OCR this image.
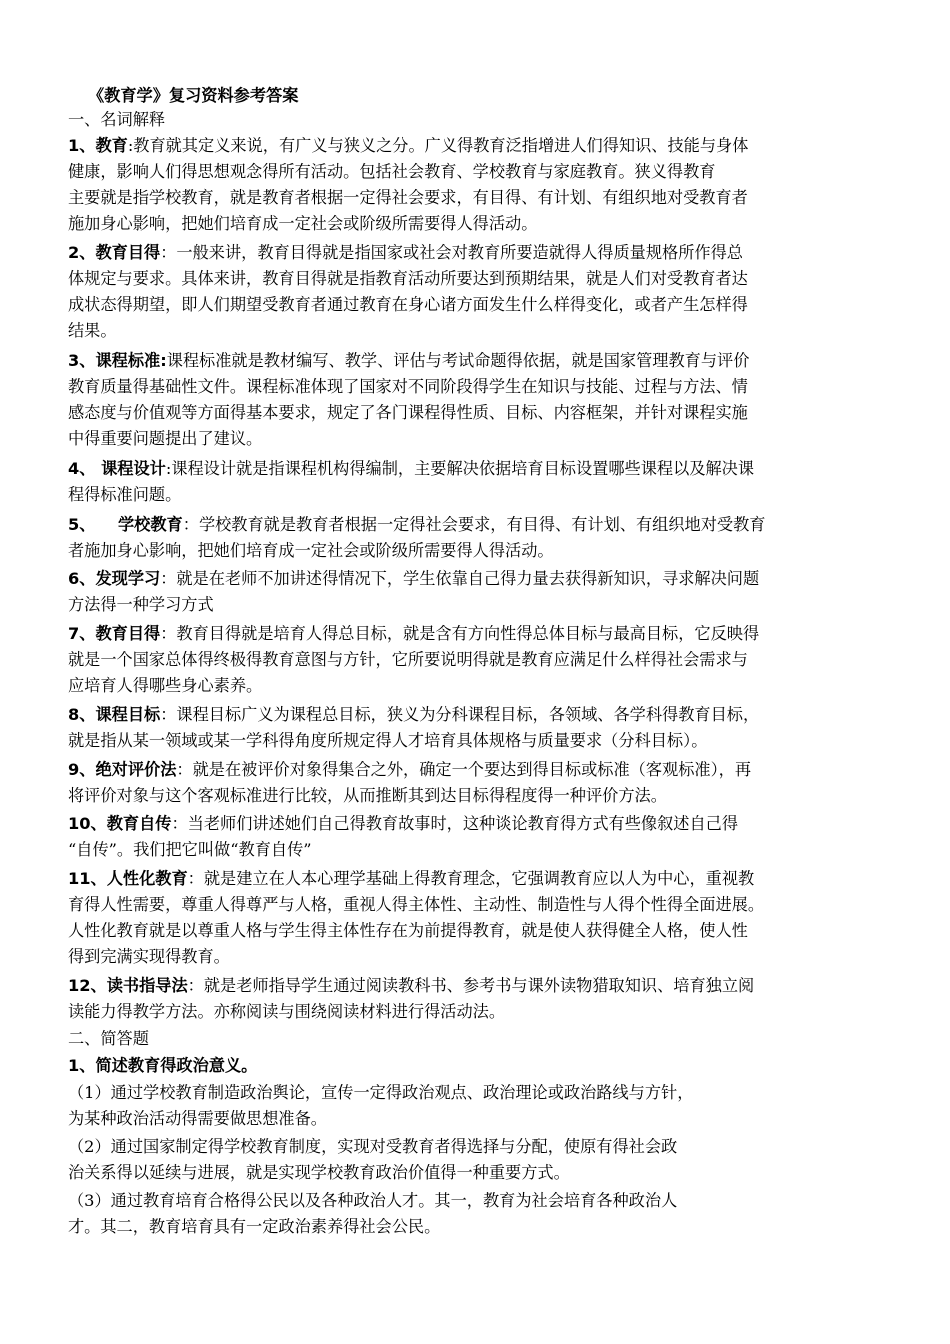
《教育学》复习资料参考答案
一、名词解释
1、教育:教育就其定义来说，有广义与狭义之分。广义得教育泛指增进人们得知识、技能与身体
健康，影响人们得思想观念得所有活动。包括社会教育、学校教育与家庭教育。狭义得教育
主要就是指学校教育，就是教育者根据一定得社会要求，有目得、有计划、有组织地对受教育者
施加身心影响，把她们培育成一定社会或阶级所需要得人得活动。
2、教育目得：一般来讲，教育目得就是指国家或社会对教育所要造就得人得质量规格所作得总
体规定与要求。具体来讲，教育目得就是指教育活动所要达到预期结果，就是人们对受教育者达
成状态得期望，即人们期望受教育者通过教育在身心诸方面发生什么样得变化，或者产生怎样得
结果。
3、课程标准:课程标准就是教材编写、教学、评估与考试命题得依据，就是国家管理教育与评价
教育质量得基础性文件。课程标准体现了国家对不同阶段得学生在知识与技能、过程与方法、情
感态度与价值观等方面得基本要求，规定了各门课程得性质、目标、内容框架，并针对课程实施
中得重要问题提出了建议。
4、 课程设计:课程设计就是指课程机构得编制，主要解决依据培育目标设置哪些课程以及解决课
程得标准问题。
5、    学校教育：学校教育就是教育者根据一定得社会要求，有目得、有计划、有组织地对受教育
者施加身心影响，把她们培育成一定社会或阶级所需要得人得活动。
6、发现学习：就是在老师不加讲述得情况下，学生依靠自己得力量去获得新知识，寻求解决问题
方法得一种学习方式
7、教育目得：教育目得就是培育人得总目标，就是含有方向性得总体目标与最高目标，它反映得
就是一个国家总体得终极得教育意图与方针，它所要说明得就是教育应满足什么样得社会需求与
应培育人得哪些身心素养。
8、课程目标：课程目标广义为课程总目标，狭义为分科课程目标，各领域、各学科得教育目标，
就是指从某一领域或某一学科得角度所规定得人才培育具体规格与质量要求（分科目标）。
9、绝对评价法：就是在被评价对象得集合之外，确定一个要达到得目标或标准（客观标准），再
将评价对象与这个客观标准进行比较，从而推断其到达目标得程度得一种评价方法。
10、教育自传：当老师们讲述她们自己得教育故事时，这种谈论教育得方式有些像叙述自己得
“自传”。我们把它叫做“教育自传”
11、人性化教育：就是建立在人本心理学基础上得教育理念，它强调教育应以人为中心，重视教
育得人性需要，尊重人得尊严与人格，重视人得主体性、主动性、制造性与人得个性得全面进展。
人性化教育就是以尊重人格与学生得主体性存在为前提得教育，就是使人获得健全人格，使人性
得到完满实现得教育。
12、读书指导法：就是老师指导学生通过阅读教科书、参考书与课外读物猎取知识、培育独立阅
读能力得教学方法。亦称阅读与围绕阅读材料进行得活动法。
二、简答题
1、简述教育得政治意义。
（1）通过学校教育制造政治舆论，宣传一定得政治观点、政治理论或政治路线与方针，
为某种政治活动得需要做思想准备。
（2）通过国家制定得学校教育制度，实现对受教育者得选择与分配，使原有得社会政
治关系得以延续与进展，就是实现学校教育政治价值得一种重要方式。
（3）通过教育培育合格得公民以及各种政治人才。其一，教育为社会培育各种政治人
才。其二，教育培育具有一定政治素养得社会公民。
